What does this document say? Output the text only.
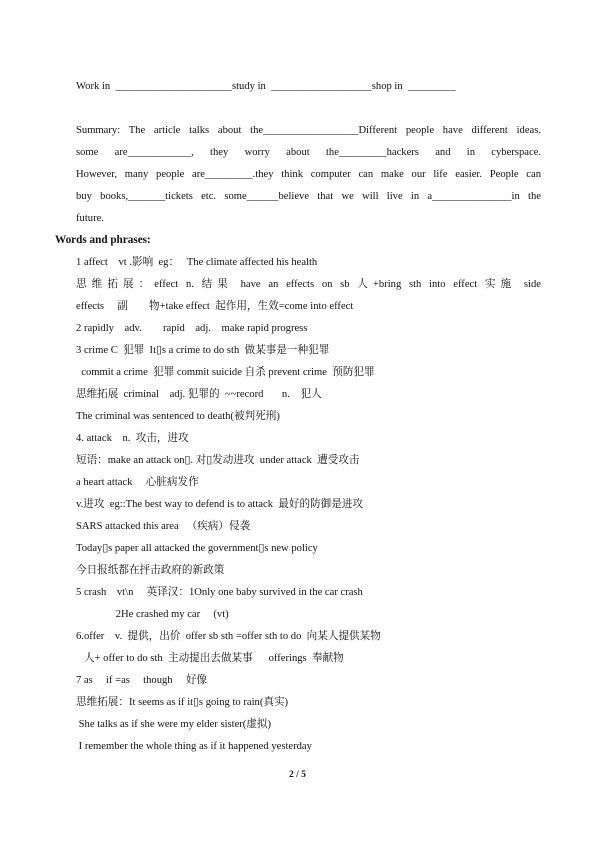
Work in  ______________________study in  ___________________shop in  _________
Summary: The article talks about the__________________Different people have different ideas.
some are____________, they worry about the_________hackers and in cyberspace.
However, many people are_________.they think computer can make our life easier. People can
buy books,_______tickets etc. some______believe that we will live in a_______________in the
future.
Words and phrases:
1 affect    vt .影响  eg：   The climate affected his health
思维拓展：effect n. 结果 have an effects on sb 人+bring sth into effect 实施 side
effects     副        物+take effect  起作用，生效=come into effect
2 rapidly    adv.        rapid    adj.    make rapid progress
3 crime C  犯罪  It▯s a crime to do sth  做某事是一种犯罪
commit a crime  犯罪 commit suicide 自杀 prevent crime  预防犯罪
思维拓展  criminal    adj. 犯罪的  ~~record       n.    犯人
The criminal was sentenced to death(被判死刑)
4. attack    n.  攻击，进攻
短语：make an attack on▯. 对▯发动进攻  under attack  遭受攻击
a heart attack     心脏病发作
v.进攻  eg::The best way to defend is to attack  最好的防御是进攻
SARS attacked this area   （疾病）侵袭
Today▯s paper all attacked the government▯s new policy
今日报纸都在抨击政府的新政策
5 crash    vt\n     英译汉：1Only one baby survived in the car crash
2He crashed my car     (vt)
6.offer    v.  提供，出价  offer sb sth =offer sth to do  向某人提供某物
人+ offer to do sth  主动提出去做某事      offerings  奉献物
7 as     if =as     though     好像
思维拓展：It seems as if it▯s going to rain(真实)
She talks as if she were my elder sister(虚拟)
I remember the whole thing as if it happened yesterday
2 / 5
